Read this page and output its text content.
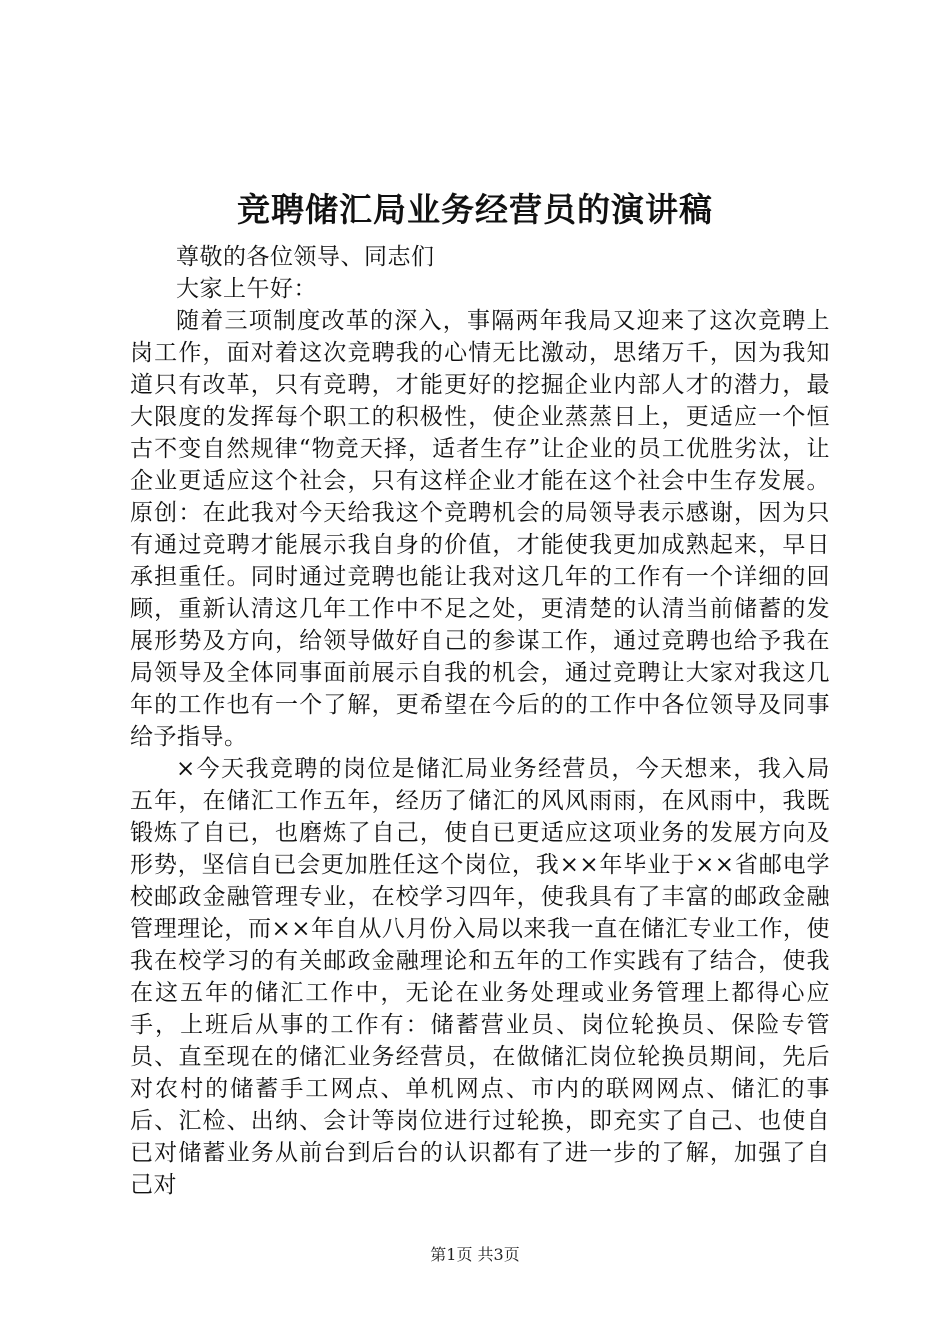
竞聘储汇局业务经营员的演讲稿

尊敬的各位领导、同志们

大家上午好：

随着三项制度改革的深入，事隔两年我局又迎来了这次竞聘上岗工作，面对着这次竞聘我的心情无比激动，思绪万千，因为我知道只有改革，只有竞聘，才能更好的挖掘企业内部人才的潜力，最大限度的发挥每个职工的积极性，使企业蒸蒸日上，更适应一个恒古不变自然规律“物竞天择，适者生存”让企业的员工优胜劣汰，让企业更适应这个社会，只有这样企业才能在这个社会中生存发展。原创：在此我对今天给我这个竞聘机会的局领导表示感谢，因为只有通过竞聘才能展示我自身的价值，才能使我更加成熟起来，早日承担重任。同时通过竞聘也能让我对这几年的工作有一个详细的回顾，重新认清这几年工作中不足之处，更清楚的认清当前储蓄的发展形势及方向，给领导做好自己的参谋工作，通过竞聘也给予我在局领导及全体同事面前展示自我的机会，通过竞聘让大家对我这几年的工作也有一个了解，更希望在今后的的工作中各位领导及同事给予指导。

×今天我竞聘的岗位是储汇局业务经营员，今天想来，我入局五年，在储汇工作五年，经历了储汇的风风雨雨，在风雨中，我既锻炼了自已，也磨炼了自己，使自已更适应这项业务的发展方向及形势，坚信自已会更加胜任这个岗位，我××年毕业于××省邮电学校邮政金融管理专业，在校学习四年，使我具有了丰富的邮政金融管理理论，而××年自从八月份入局以来我一直在储汇专业工作，使我在校学习的有关邮政金融理论和五年的工作实践有了结合，使我在这五年的储汇工作中，无论在业务处理或业务管理上都得心应手，上班后从事的工作有：储蓄营业员、岗位轮换员、保险专管员、直至现在的储汇业务经营员，在做储汇岗位轮换员期间，先后对农村的储蓄手工网点、单机网点、市内的联网网点、储汇的事后、汇检、出纳、会计等岗位进行过轮换，即充实了自己、也使自已对储蓄业务从前台到后台的认识都有了进一步的了解，加强了自己对

第1页 共3页
